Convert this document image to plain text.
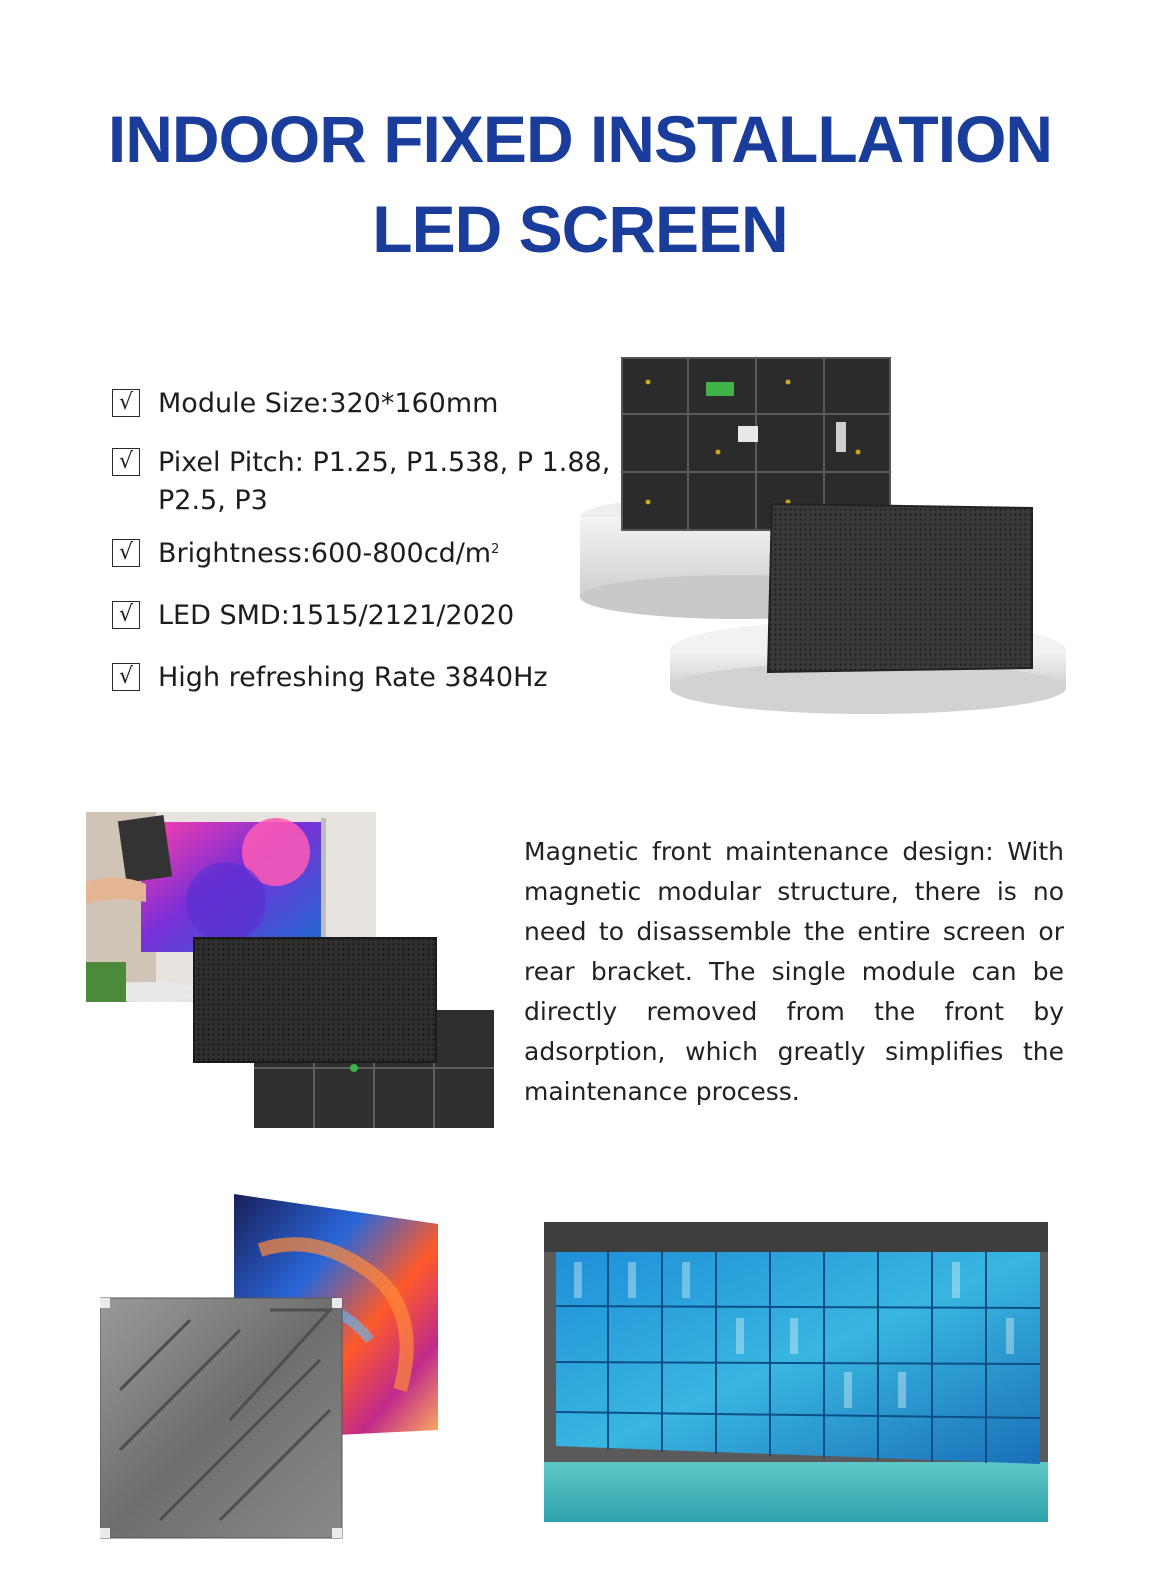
INDOOR FIXED INSTALLATION
LED SCREEN
√ Module Size:320*160mm
√ Pixel Pitch: P1.25, P1.538, P 1.88,
P2.5, P3
√ $Brightness:600-800cd/m^2$
√ LED SMD:1515/2121/2020
√ High refreshing Rate 3840Hz
Magnetic front maintenance design: With magnetic modular structure, there is no need to disassemble the entire screen or rear bracket. The single module can be directly removed from the front by adsorption, which greatly simplifies the maintenance process.
